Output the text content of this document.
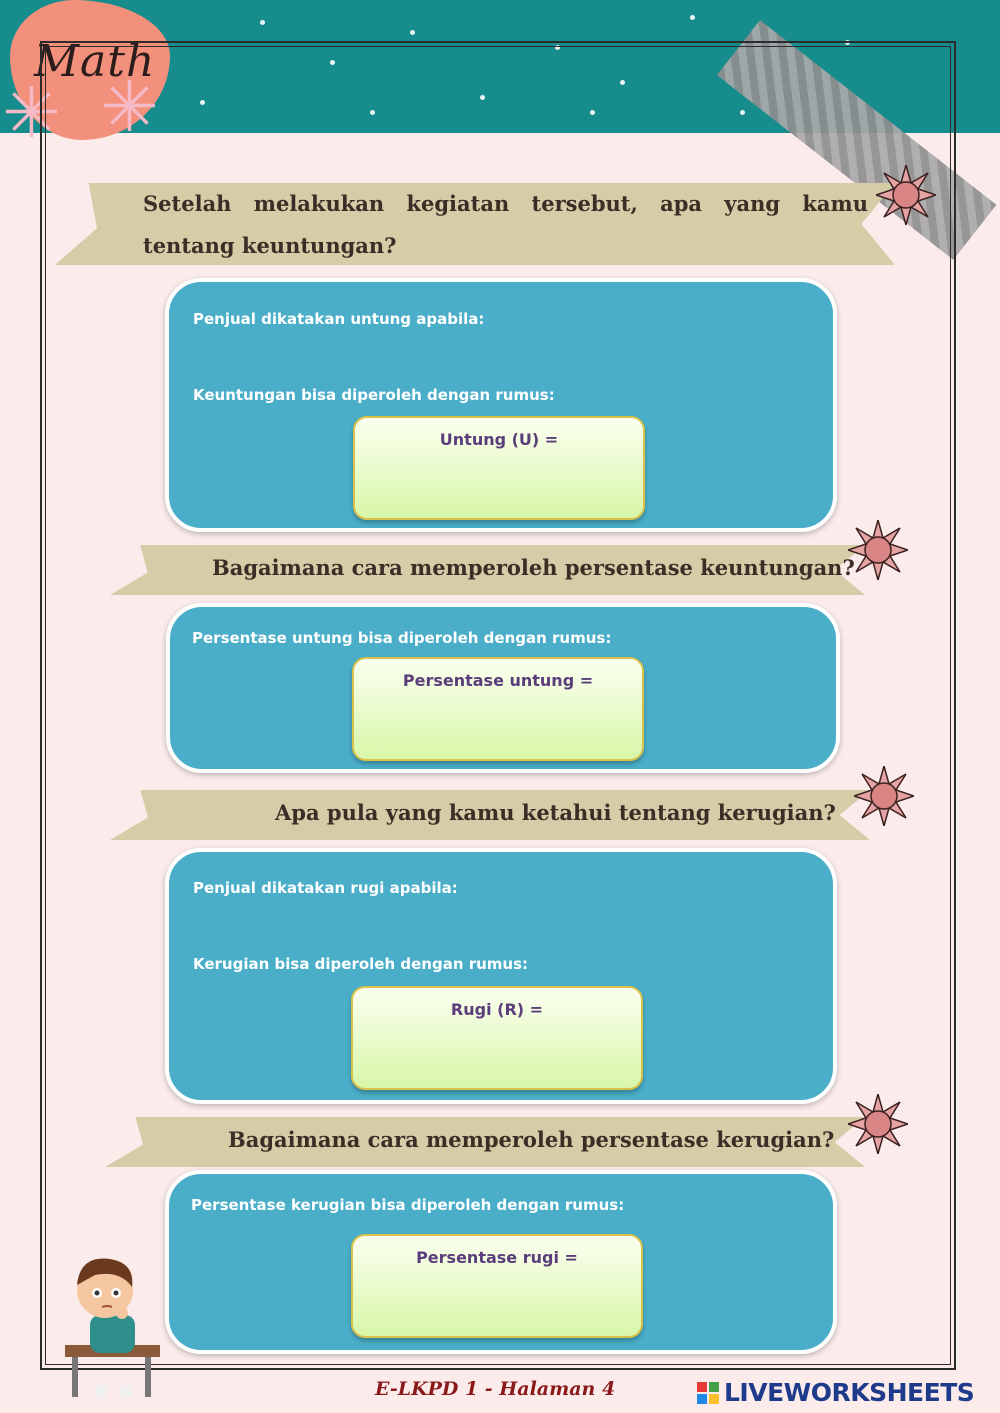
✳ ✳
Math
Setelah melakukan kegiatan tersebut, apa yang kamu
tentang keuntungan?
Penjual dikatakan untung apabila:
Keuntungan bisa diperoleh dengan rumus:
Untung (U) =
Bagaimana cara memperoleh persentase keuntungan?
Persentase untung bisa diperoleh dengan rumus:
Persentase untung =
Apa pula yang kamu ketahui tentang kerugian?
Penjual dikatakan rugi apabila:
Kerugian bisa diperoleh dengan rumus:
Rugi (R) =
Bagaimana cara memperoleh persentase kerugian?
Persentase kerugian bisa diperoleh dengan rumus:
Persentase rugi =
E-LKPD 1 - Halaman 4	LIVEWORKSHEETS
